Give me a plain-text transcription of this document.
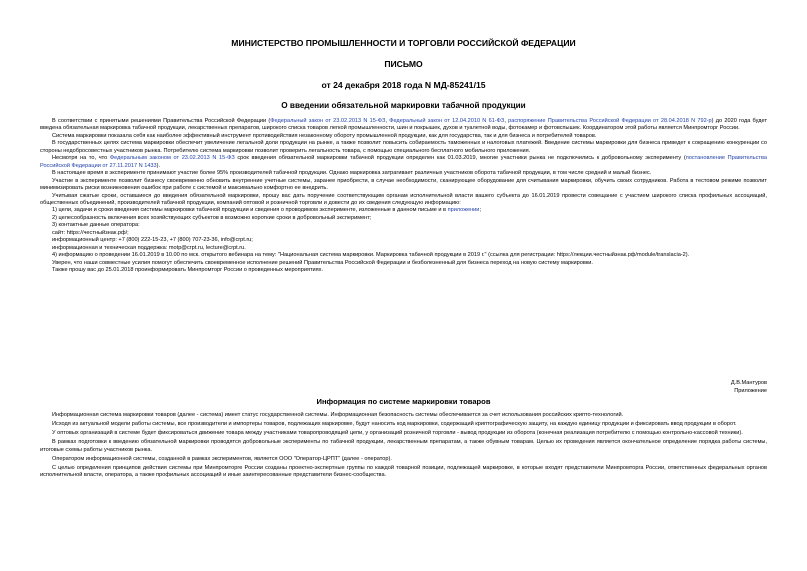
МИНИСТЕРСТВО ПРОМЫШЛЕННОСТИ И ТОРГОВЛИ РОССИЙСКОЙ ФЕДЕРАЦИИ
ПИСЬМО
от 24 декабря 2018 года N МД-85241/15
О введении обязательной маркировки табачной продукции

В соответствии с принятыми решениями Правительства Российской Федерации (Федеральный закон от 23.02.2013 N 15-ФЗ, Федеральный закон от 12.04.2010 N 61-ФЗ, распоряжение Правительства Российской Федерации от 28.04.2018 N 792-р) до 2020 года будет введена обязательная маркировка табачной продукции, лекарственных препаратов, широкого списка товаров легкой промышленности, шин и покрышек, духов и туалетной воды, фотокамер и фотовспышек. Координатором этой работы является Минпромторг России.

Система маркировки показала себя как наиболее эффективный инструмент противодействия незаконному обороту промышленной продукции, как для государства, так и для бизнеса и потребителей товаров.

В государственных целях система маркировки обеспечит увеличение легальной доли продукции на рынке, а также позволит повысить собираемость таможенных и налоговых платежей. Введение системы маркировки для бизнеса приведет к сокращению конкуренции со стороны недобросовестных участников рынка. Потребителю система маркировки позволит проверить легальность товара, с помощью специального бесплатного мобильного приложения.

Несмотря на то, что Федеральным законом от 23.02.2013 N 15-ФЗ срок введения обязательной маркировки табачной продукции определен как 01.03.2019, многие участники рынка не подключились к добровольному эксперименту (постановление Правительства Российской Федерации от 27.11.2017 N 1433).

В настоящее время в эксперименте принимают участие более 95% производителей табачной продукции. Однако маркировка затрагивает различных участников оборота табачной продукции, в том числе средний и малый бизнес.

Участие в эксперименте позволит бизнесу своевременно обновить внутренние учетные системы, заранее приобрести, в случае необходимости, сканирующее оборудование для считывания маркировки, обучить своих сотрудников. Работа в тестовом режиме позволит минимизировать риски возникновения ошибок при работе с системой и максимально комфортно ее внедрить.

Учитывая сжатые сроки, оставшиеся до введения обязательной маркировки, прошу вас дать поручение соответствующим органам исполнительной власти вашего субъекта до 16.01.2019 провести совещание с участием широкого списка профильных ассоциаций, общественных объединений, производителей табачной продукции, компаний оптовой и розничной торговли и довести до их сведения следующую информацию:

1) цели, задачи и сроки введения системы маркировки табачной продукции и сведения о проводимом эксперименте, изложенные в данном письме и в приложении;

2) целесообразность включения всех хозяйствующих субъектов в возможно короткие сроки в добровольный эксперимент;

3) контактные данные оператора:

сайт: https://честныйзнак.рф/;

информационный центр: +7 (800) 222-15-23, +7 (800) 707-23-36, info@crpt.ru;

информационная и техническая поддержка: motp@crpt.ru, lecture@crpt.ru.

4) информацию о проведении 16.01.2019 в 10.00 по мск. открытого вебинара на тему: "Национальная система маркировки. Маркировка табачной продукции в 2019 г." (ссылка для регистрации: https://лекции.честныйзнак.рф/module/translacia-2).

Уверен, что наши совместные усилия помогут обеспечить своевременное исполнение решений Правительства Российской Федерации и безболезненный для бизнеса переход на новую систему маркировки.

Также прошу вас до 25.01.2018 проинформировать Минпромторг России о проведенных мероприятиях.

Д.В.Мантуров
Приложение
Информация по системе маркировки товаров

Информационная система маркировки товаров (далее - система) имеет статус государственной системы. Информационная безопасность системы обеспечивается за счет использования российских крипто-технологий.

Исходя из актуальной модели работы системы, все производители и импортеры товаров, подлежащих маркировке, будут наносить код маркировки, содержащий криптографическую защиту, на каждую единицу продукции и фиксировать ввод продукции в оборот.

У оптовых организаций в системе будет фиксироваться движение товара между участниками товаропроводящей цепи, у организаций розничной торговли - вывод продукции из оборота (конечная реализация потребителю с помощью контрольно-кассовой техники).

В рамках подготовки к введению обязательной маркировки проводятся добровольные эксперименты по табачной продукции, лекарственным препаратам, а также обувным товарам. Целью их проведения является окончательное определение порядка работы системы, итоговые схемы работы участников рынка.

Оператором информационной системы, созданной в рамках экспериментов, является ООО "Оператор-ЦРПТ" (далее - оператор).

С целью определения принципов действия системы при Минпромторге России созданы проектно-экспертные группы по каждой товарной позиции, подлежащей маркировке, в которые входят представители Минпромторга России, ответственных федеральных органов исполнительной власти, оператора, а также профильных ассоциаций и иные заинтересованные представители бизнес-сообщества.
